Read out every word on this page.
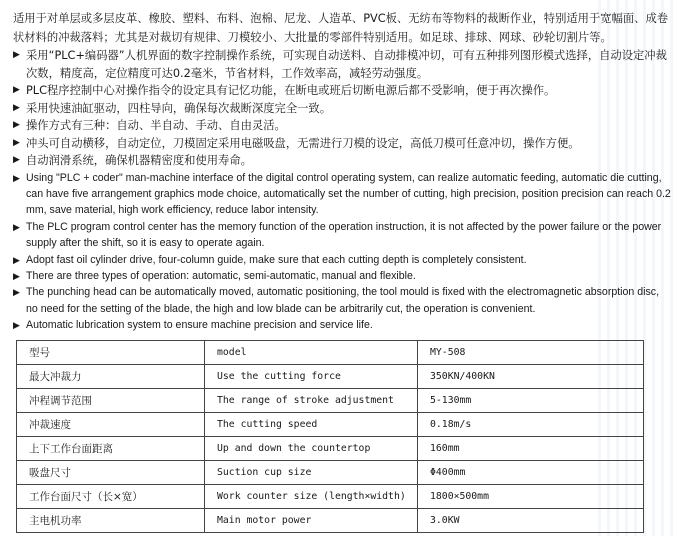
适用于对单层或多层皮革、橡胶、塑料、布料、泡棉、尼龙、人造革、PVC板、无纺布等物料的裁断作业，特别适用于宽幅面、成卷状材料的冲裁落料；尤其是对裁切有规律、刀模较小、大批量的零部件特别适用。如足球、排球、网球、砂轮切割片等。

▶ 采用“PLC+编码器”人机界面的数字控制操作系统，可实现自动送料、自动排模冲切，可有五种排列图形模式选择，自动设定冲裁次数，精度高，定位精度可达0.2毫米，节省材料，工作效率高，减轻劳动强度。
▶ PLC程序控制中心对操作指令的设定具有记忆功能，在断电或班后切断电源后都不受影响，便于再次操作。
▶ 采用快速油缸驱动，四柱导向，确保每次裁断深度完全一致。
▶ 操作方式有三种：自动、半自动、手动、自由灵活。
▶ 冲头可自动横移，自动定位，刀模固定采用电磁吸盘，无需进行刀模的设定，高低刀模可任意冲切，操作方便。
▶ 自动润滑系统，确保机器精密度和使用寿命。
▶ Using "PLC + coder" man-machine interface of the digital control operating system, can realize automatic feeding, automatic die cutting, can have five arrangement graphics mode choice, automatically set the number of cutting, high precision, position precision can reach 0.2 mm, save material, high work efficiency, reduce labor intensity.
▶ The PLC program control center has the memory function of the operation instruction, it is not affected by the power failure or the power supply after the shift, so it is easy to operate again.
▶ Adopt fast oil cylinder drive, four-column guide, make sure that each cutting depth is completely consistent.
▶ There are three types of operation: automatic, semi-automatic, manual and flexible.
▶ The punching head can be automatically moved, automatic positioning, the tool mould is fixed with the electromagnetic absorption disc, no need for the setting of the blade, the high and low blade can be arbitrarily cut, the operation is convenient.
▶ Automatic lubrication system to ensure machine precision and service life.
型号	model	MY-508
最大冲裁力	Use the cutting force	350KN/400KN
冲程调节范围	The range of stroke adjustment	5-130mm
冲裁速度	The cutting speed	0.18m/s
上下工作台面距离	Up and down the countertop	160mm
吸盘尺寸	Suction cup size	Φ400mm
工作台面尺寸（长×宽）	Work counter size (length×width)	1800×500mm
主电机功率	Main motor power	3.0KW
